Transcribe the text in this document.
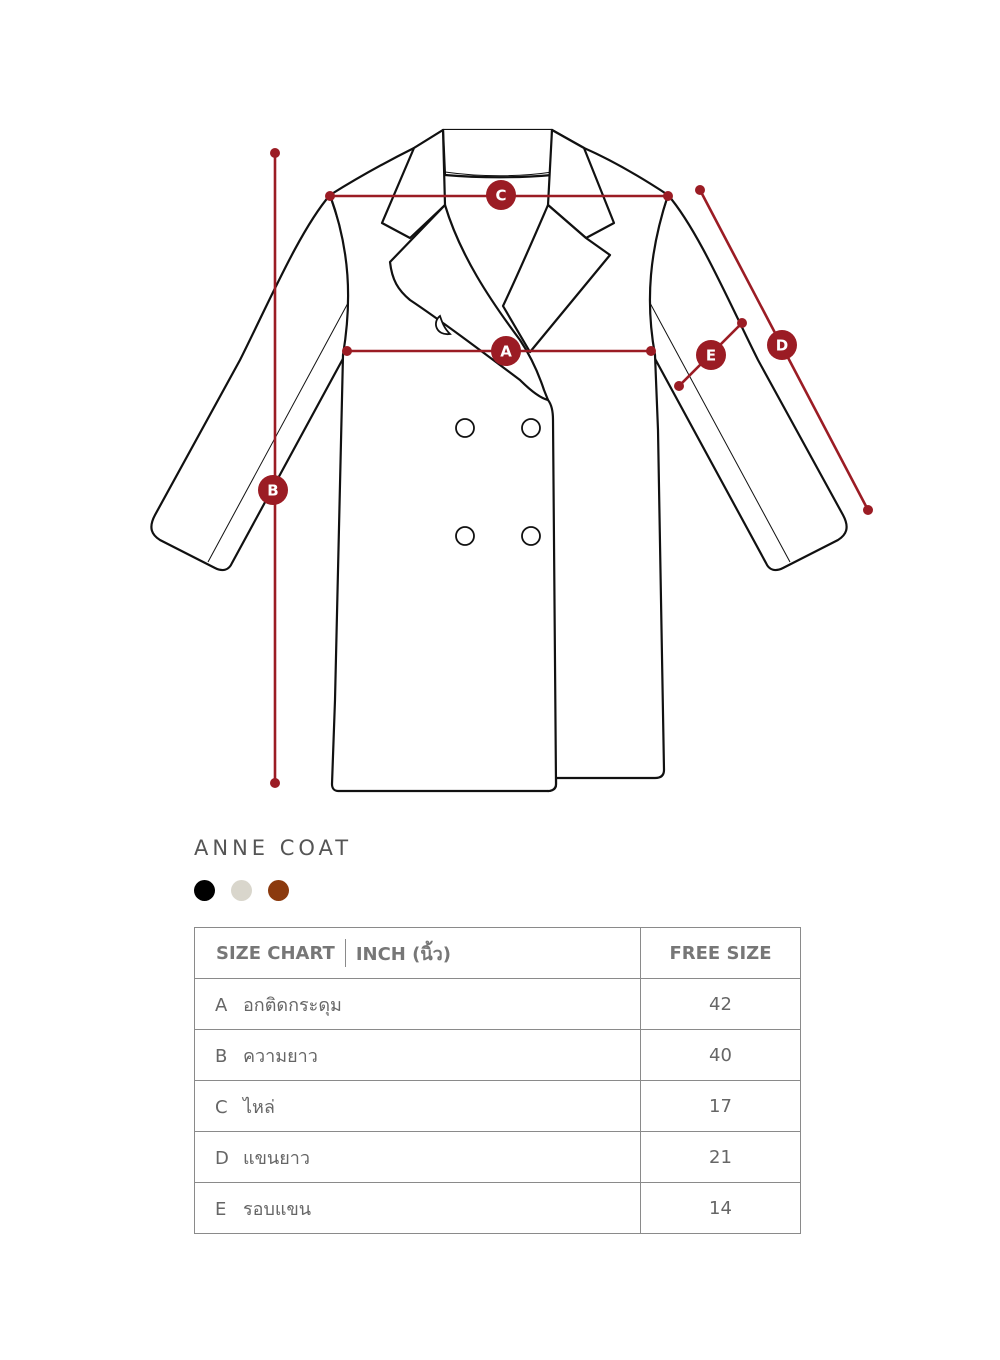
C
A
B
D
E
ANNE COAT
SIZE CHART INCH (นิ้ว)	FREE SIZE
A อกติดกระดุม	42
B ความยาว	40
C ไหล่	17
D แขนยาว	21
E รอบแขน	14
